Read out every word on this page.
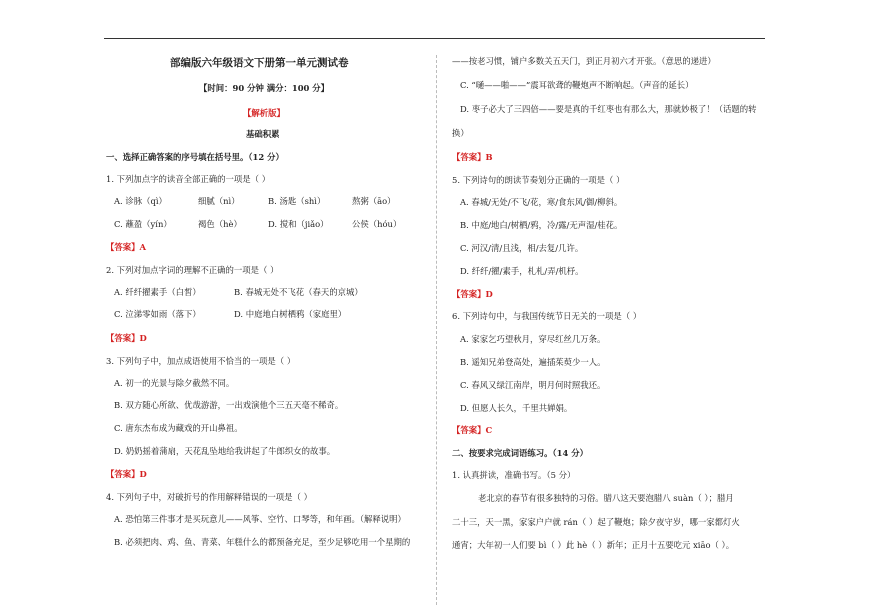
部编版六年级语文下册第一单元测试卷
【时间：90 分钟 满分：100 分】
【解析版】
基础积累
一、选择正确答案的序号填在括号里。（12 分）
1. 下列加点字的读音全部正确的一项是（ ）
A. 诊脉（qì）	细腻（nì）	B. 汤匙（shì）	熬粥（āo）
C. 蘸盈（yín）	褐色（hè）	D. 搅和（jiǎo）	公侯（hóu）
【答案】A
2. 下列对加点字词的理解不正确的一项是（ ）
A. 纤纤擢素手（白皙）	B. 春城无处不飞花（春天的京城）
C. 泣涕零如雨（落下）	D. 中庭地白树栖鸦（家庭里）
【答案】D
3. 下列句子中，加点成语使用不恰当的一项是（ ）
A. 初一的光景与除夕截然不同。
B. 双方随心所欲、优哉游游，一出戏演他个三五天毫不稀奇。
C. 唐东杰布成为藏戏的开山鼻祖。
D. 奶奶摇着蒲扇，天花乱坠地给我讲起了牛郎织女的故事。
【答案】D
4. 下列句子中，对破折号的作用解释错误的一项是（ ）
A. 恐怕第三件事才是买玩意儿——风筝、空竹、口琴等，和年画。（解释说明）
B. 必须把肉、鸡、鱼、青菜、年糕什么的都预备充足，至少足够吃用一个星期的
——按老习惯，铺户多数关五天门，到正月初六才开张。（意思的递进）
C. “嗵——啪——”震耳欲聋的鞭炮声不断响起。（声音的延长）
D. 枣子必大了三四倍——要是真的千红枣也有那么大，那就妙极了！（话题的转
换）
【答案】B
5. 下列诗句的朗读节奏划分正确的一项是（ ）
A. 春城/无处/不飞/花，寒/食东风/御/柳斜。
B. 中庭/地白/树栖/鸦，冷/露/无声湿/桂花。
C. 河汉/清/且浅，相/去复/几许。
D. 纤纤/擢/素手，札札/弄/机杼。
【答案】D
6. 下列诗句中，与我国传统节日无关的一项是（ ）
A. 家家乞巧望秋月，穿尽红丝几万条。
B. 遥知兄弟登高处，遍插茱萸少一人。
C. 春风又绿江南岸，明月何时照我还。
D. 但愿人长久，千里共婵娟。
【答案】C
二、按要求完成词语练习。（14 分）
1. 认真拼读，准确书写。（5 分）
老北京的春节有很多独特的习俗。腊八这天要泡腊八 suàn（ ）；腊月
二十三，天一黑，家家户户就 rán（ ）起了鞭炮；除夕夜守岁，哪一家都灯火
通宵；大年初一人们要 bì（ ）此 hè（ ）新年；正月十五要吃元 xiāo（ ）。
